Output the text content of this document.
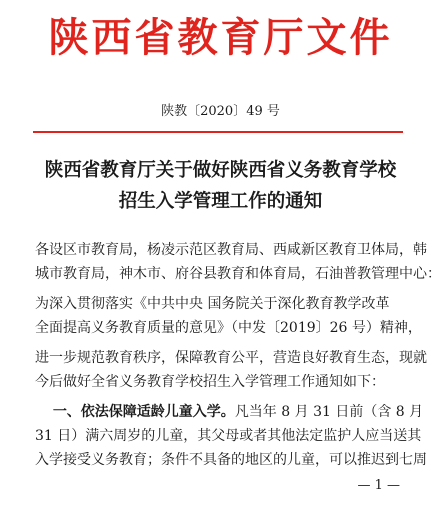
陕西省教育厅文件
陕教〔2020〕49 号
陕西省教育厅关于做好陕西省义务教育学校
招生入学管理工作的通知
各设区市教育局，杨凌示范区教育局、西咸新区教育卫体局，韩
城市教育局，神木市、府谷县教育和体育局，石油普教管理中心：
为深入贯彻落实《中共中央 国务院关于深化教育教学改革
全面提高义务教育质量的意见》（中发〔2019〕26 号）精神，
进一步规范教育秩序，保障教育公平，营造良好教育生态，现就
今后做好全省义务教育学校招生入学管理工作通知如下：
一、依法保障适龄儿童入学。凡当年 8 月 31 日前（含 8 月
31 日）满六周岁的儿童，其父母或者其他法定监护人应当送其
入学接受义务教育；条件不具备的地区的儿童，可以推迟到七周
— 1 —
